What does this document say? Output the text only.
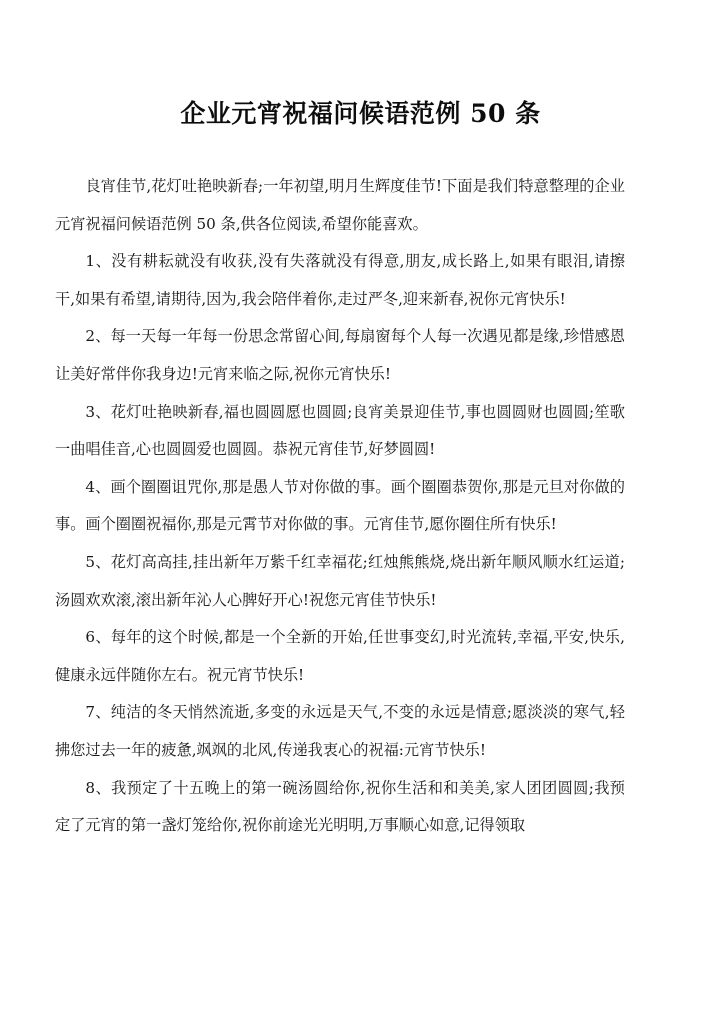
企业元宵祝福问候语范例 50 条

良宵佳节,花灯吐艳映新春;一年初望,明月生辉度佳节!下面是我们特意整理的企业元宵祝福问候语范例 50 条,供各位阅读,希望你能喜欢。

1、没有耕耘就没有收获,没有失落就没有得意,朋友,成长路上,如果有眼泪,请擦干,如果有希望,请期待,因为,我会陪伴着你,走过严冬,迎来新春,祝你元宵快乐!

2、每一天每一年每一份思念常留心间,每扇窗每个人每一次遇见都是缘,珍惜感恩让美好常伴你我身边!元宵来临之际,祝你元宵快乐!

3、花灯吐艳映新春,福也圆圆愿也圆圆;良宵美景迎佳节,事也圆圆财也圆圆;笙歌一曲唱佳音,心也圆圆爱也圆圆。恭祝元宵佳节,好梦圆圆!

4、画个圈圈诅咒你,那是愚人节对你做的事。画个圈圈恭贺你,那是元旦对你做的事。画个圈圈祝福你,那是元霄节对你做的事。元宵佳节,愿你圈住所有快乐!

5、花灯高高挂,挂出新年万紫千红幸福花;红烛熊熊烧,烧出新年顺风顺水红运道;汤圆欢欢滚,滚出新年沁人心脾好开心!祝您元宵佳节快乐!

6、每年的这个时候,都是一个全新的开始,任世事变幻,时光流转,幸福,平安,快乐,健康永远伴随你左右。祝元宵节快乐!

7、纯洁的冬天悄然流逝,多变的永远是天气,不变的永远是情意;愿淡淡的寒气,轻拂您过去一年的疲惫,飒飒的北风,传递我衷心的祝福:元宵节快乐!

8、我预定了十五晚上的第一碗汤圆给你,祝你生活和和美美,家人团团圆圆;我预定了元宵的第一盏灯笼给你,祝你前途光光明明,万事顺心如意,记得领取
